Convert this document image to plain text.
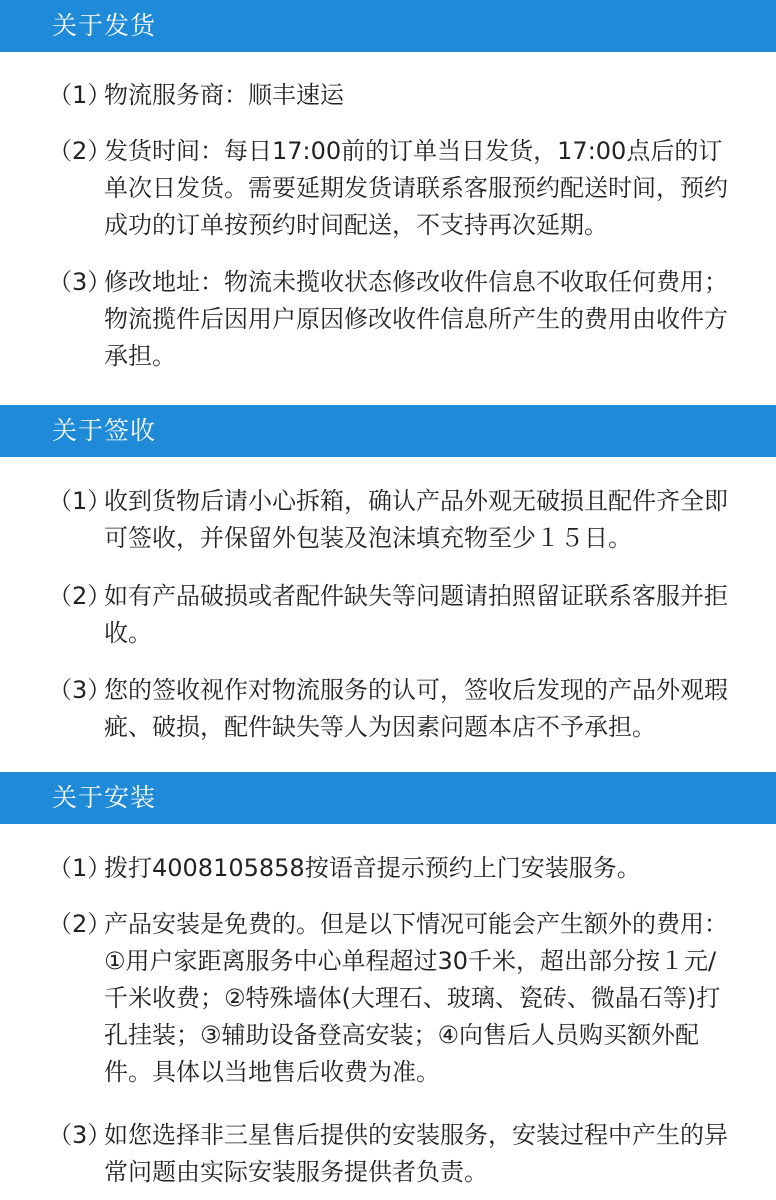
关于发货
（1）
物流服务商：顺丰速运
（2）
发货时间：每日17:00前的订单当日发货，17:00点后的订单次日发货。需要延期发货请联系客服预约配送时间，预约成功的订单按预约时间配送，不支持再次延期。
（3）
修改地址：物流未揽收状态修改收件信息不收取任何费用；物流揽件后因用户原因修改收件信息所产生的费用由收件方承担。
关于签收
（1）
收到货物后请小心拆箱，确认产品外观无破损且配件齐全即可签收，并保留外包装及泡沫填充物至少１５日。
（2）
如有产品破损或者配件缺失等问题请拍照留证联系客服并拒收。
（3）
您的签收视作对物流服务的认可，签收后发现的产品外观瑕疵、破损，配件缺失等人为因素问题本店不予承担。
关于安装
（1）
拨打4008105858按语音提示预约上门安装服务。
（2）
产品安装是免费的。但是以下情况可能会产生额外的费用：①用户家距离服务中心单程超过30千米，超出部分按１元/千米收费；②特殊墙体(大理石、玻璃、瓷砖、微晶石等)打孔挂装；③辅助设备登高安装；④向售后人员购买额外配件。具体以当地售后收费为准。
（3）
如您选择非三星售后提供的安装服务，安装过程中产生的异常问题由实际安装服务提供者负责。
